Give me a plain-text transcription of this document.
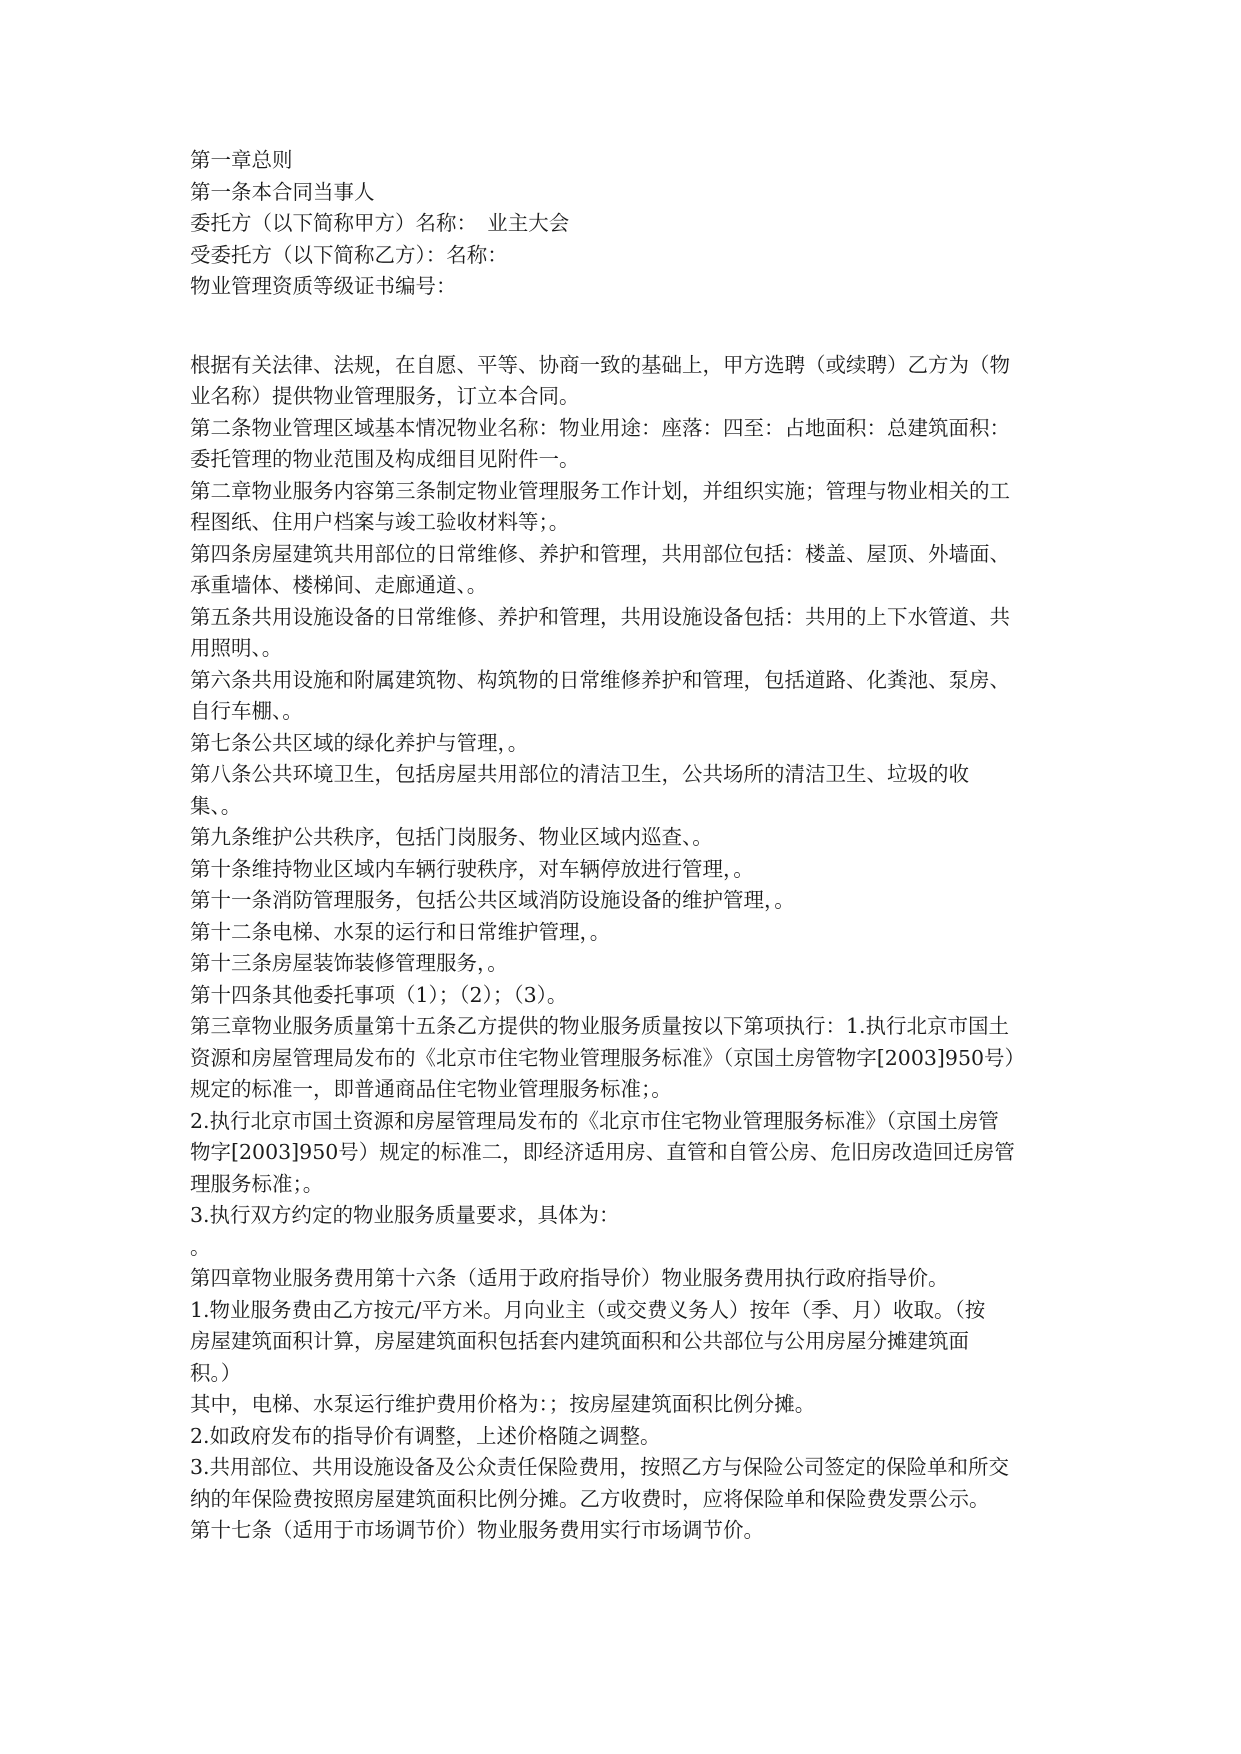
第一章总则
第一条本合同当事人
委托方（以下简称甲方）名称：　业主大会
受委托方（以下简称乙方）：名称：
物业管理资质等级证书编号：
根据有关法律、法规，在自愿、平等、协商一致的基础上，甲方选聘（或续聘）乙方为（物
业名称）提供物业管理服务，订立本合同。
第二条物业管理区域基本情况物业名称：物业用途：座落：四至：占地面积：总建筑面积：
委托管理的物业范围及构成细目见附件一。
第二章物业服务内容第三条制定物业管理服务工作计划，并组织实施；管理与物业相关的工
程图纸、住用户档案与竣工验收材料等；。
第四条房屋建筑共用部位的日常维修、养护和管理，共用部位包括：楼盖、屋顶、外墙面、
承重墙体、楼梯间、走廊通道、。
第五条共用设施设备的日常维修、养护和管理，共用设施设备包括：共用的上下水管道、共
用照明、。
第六条共用设施和附属建筑物、构筑物的日常维修养护和管理，包括道路、化粪池、泵房、
自行车棚、。
第七条公共区域的绿化养护与管理，。
第八条公共环境卫生，包括房屋共用部位的清洁卫生，公共场所的清洁卫生、垃圾的收
集、。
第九条维护公共秩序，包括门岗服务、物业区域内巡查、。
第十条维持物业区域内车辆行驶秩序，对车辆停放进行管理，。
第十一条消防管理服务，包括公共区域消防设施设备的维护管理，。
第十二条电梯、水泵的运行和日常维护管理，。
第十三条房屋装饰装修管理服务，。
第十四条其他委托事项（1）；（2）；（3）。
第三章物业服务质量第十五条乙方提供的物业服务质量按以下第项执行：1.执行北京市国土
资源和房屋管理局发布的《北京市住宅物业管理服务标准》（京国土房管物字[2003]950号）
规定的标准一，即普通商品住宅物业管理服务标准；。
2.执行北京市国土资源和房屋管理局发布的《北京市住宅物业管理服务标准》（京国土房管
物字[2003]950号）规定的标准二，即经济适用房、直管和自管公房、危旧房改造回迁房管
理服务标准；。
3.执行双方约定的物业服务质量要求，具体为：
。
第四章物业服务费用第十六条（适用于政府指导价）物业服务费用执行政府指导价。
1.物业服务费由乙方按元/平方米。月向业主（或交费义务人）按年（季、月）收取。（按
房屋建筑面积计算，房屋建筑面积包括套内建筑面积和公共部位与公用房屋分摊建筑面
积。）
其中，电梯、水泵运行维护费用价格为：；按房屋建筑面积比例分摊。
2.如政府发布的指导价有调整，上述价格随之调整。
3.共用部位、共用设施设备及公众责任保险费用，按照乙方与保险公司签定的保险单和所交
纳的年保险费按照房屋建筑面积比例分摊。乙方收费时，应将保险单和保险费发票公示。
第十七条（适用于市场调节价）物业服务费用实行市场调节价。
